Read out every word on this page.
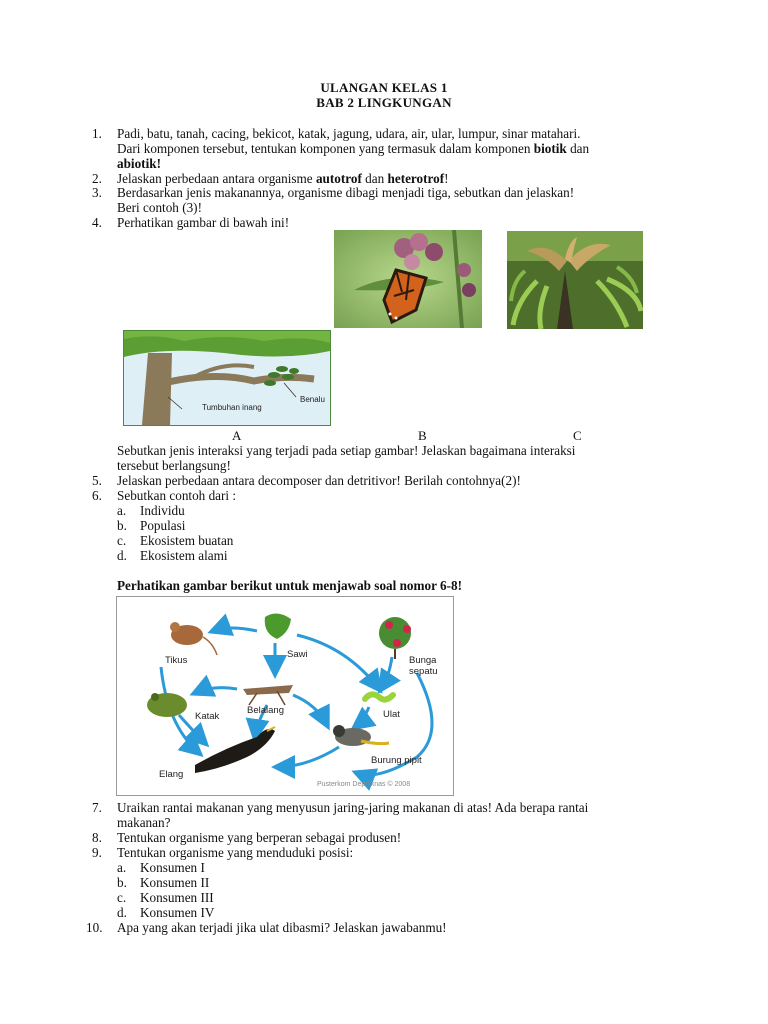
ULANGAN KELAS 1
BAB 2 LINGKUNGAN
1. Padi, batu, tanah, cacing, bekicot, katak, jagung, udara, air, ular, lumpur, sinar matahari.
Dari komponen tersebut, tentukan komponen yang termasuk dalam komponen biotik dan
abiotik!
2. Jelaskan perbedaan antara organisme autotrof dan heterotrof!
3. Berdasarkan jenis makanannya, organisme dibagi menjadi tiga, sebutkan dan jelaskan!
Beri contoh (3)!
4. Perhatikan gambar di bawah ini!
Tumbuhan inang
Benalu
A	B	C
Sebutkan jenis interaksi yang terjadi pada setiap gambar! Jelaskan bagaimana interaksi
tersebut berlangsung!
5. Jelaskan perbedaan antara decomposer dan detritivor! Berilah contohnya(2)!
6. Sebutkan contoh dari :
a. Individu
b. Populasi
c. Ekosistem buatan
d. Ekosistem alami
Perhatikan gambar berikut untuk menjawab soal nomor 6-8!
Tikus
Sawi
Bunga
sepatu
Katak
Belalang	Ulat
Elang
Burung pipit
Pusterkom Depdiknas © 2008
7. Uraikan rantai makanan yang menyusun jaring-jaring makanan di atas! Ada berapa rantai
makanan?
8. Tentukan organisme yang berperan sebagai produsen!
9. Tentukan organisme yang menduduki posisi:
a. Konsumen I
b. Konsumen II
c. Konsumen III
d. Konsumen IV
10. Apa yang akan terjadi jika ulat dibasmi? Jelaskan jawabanmu!
